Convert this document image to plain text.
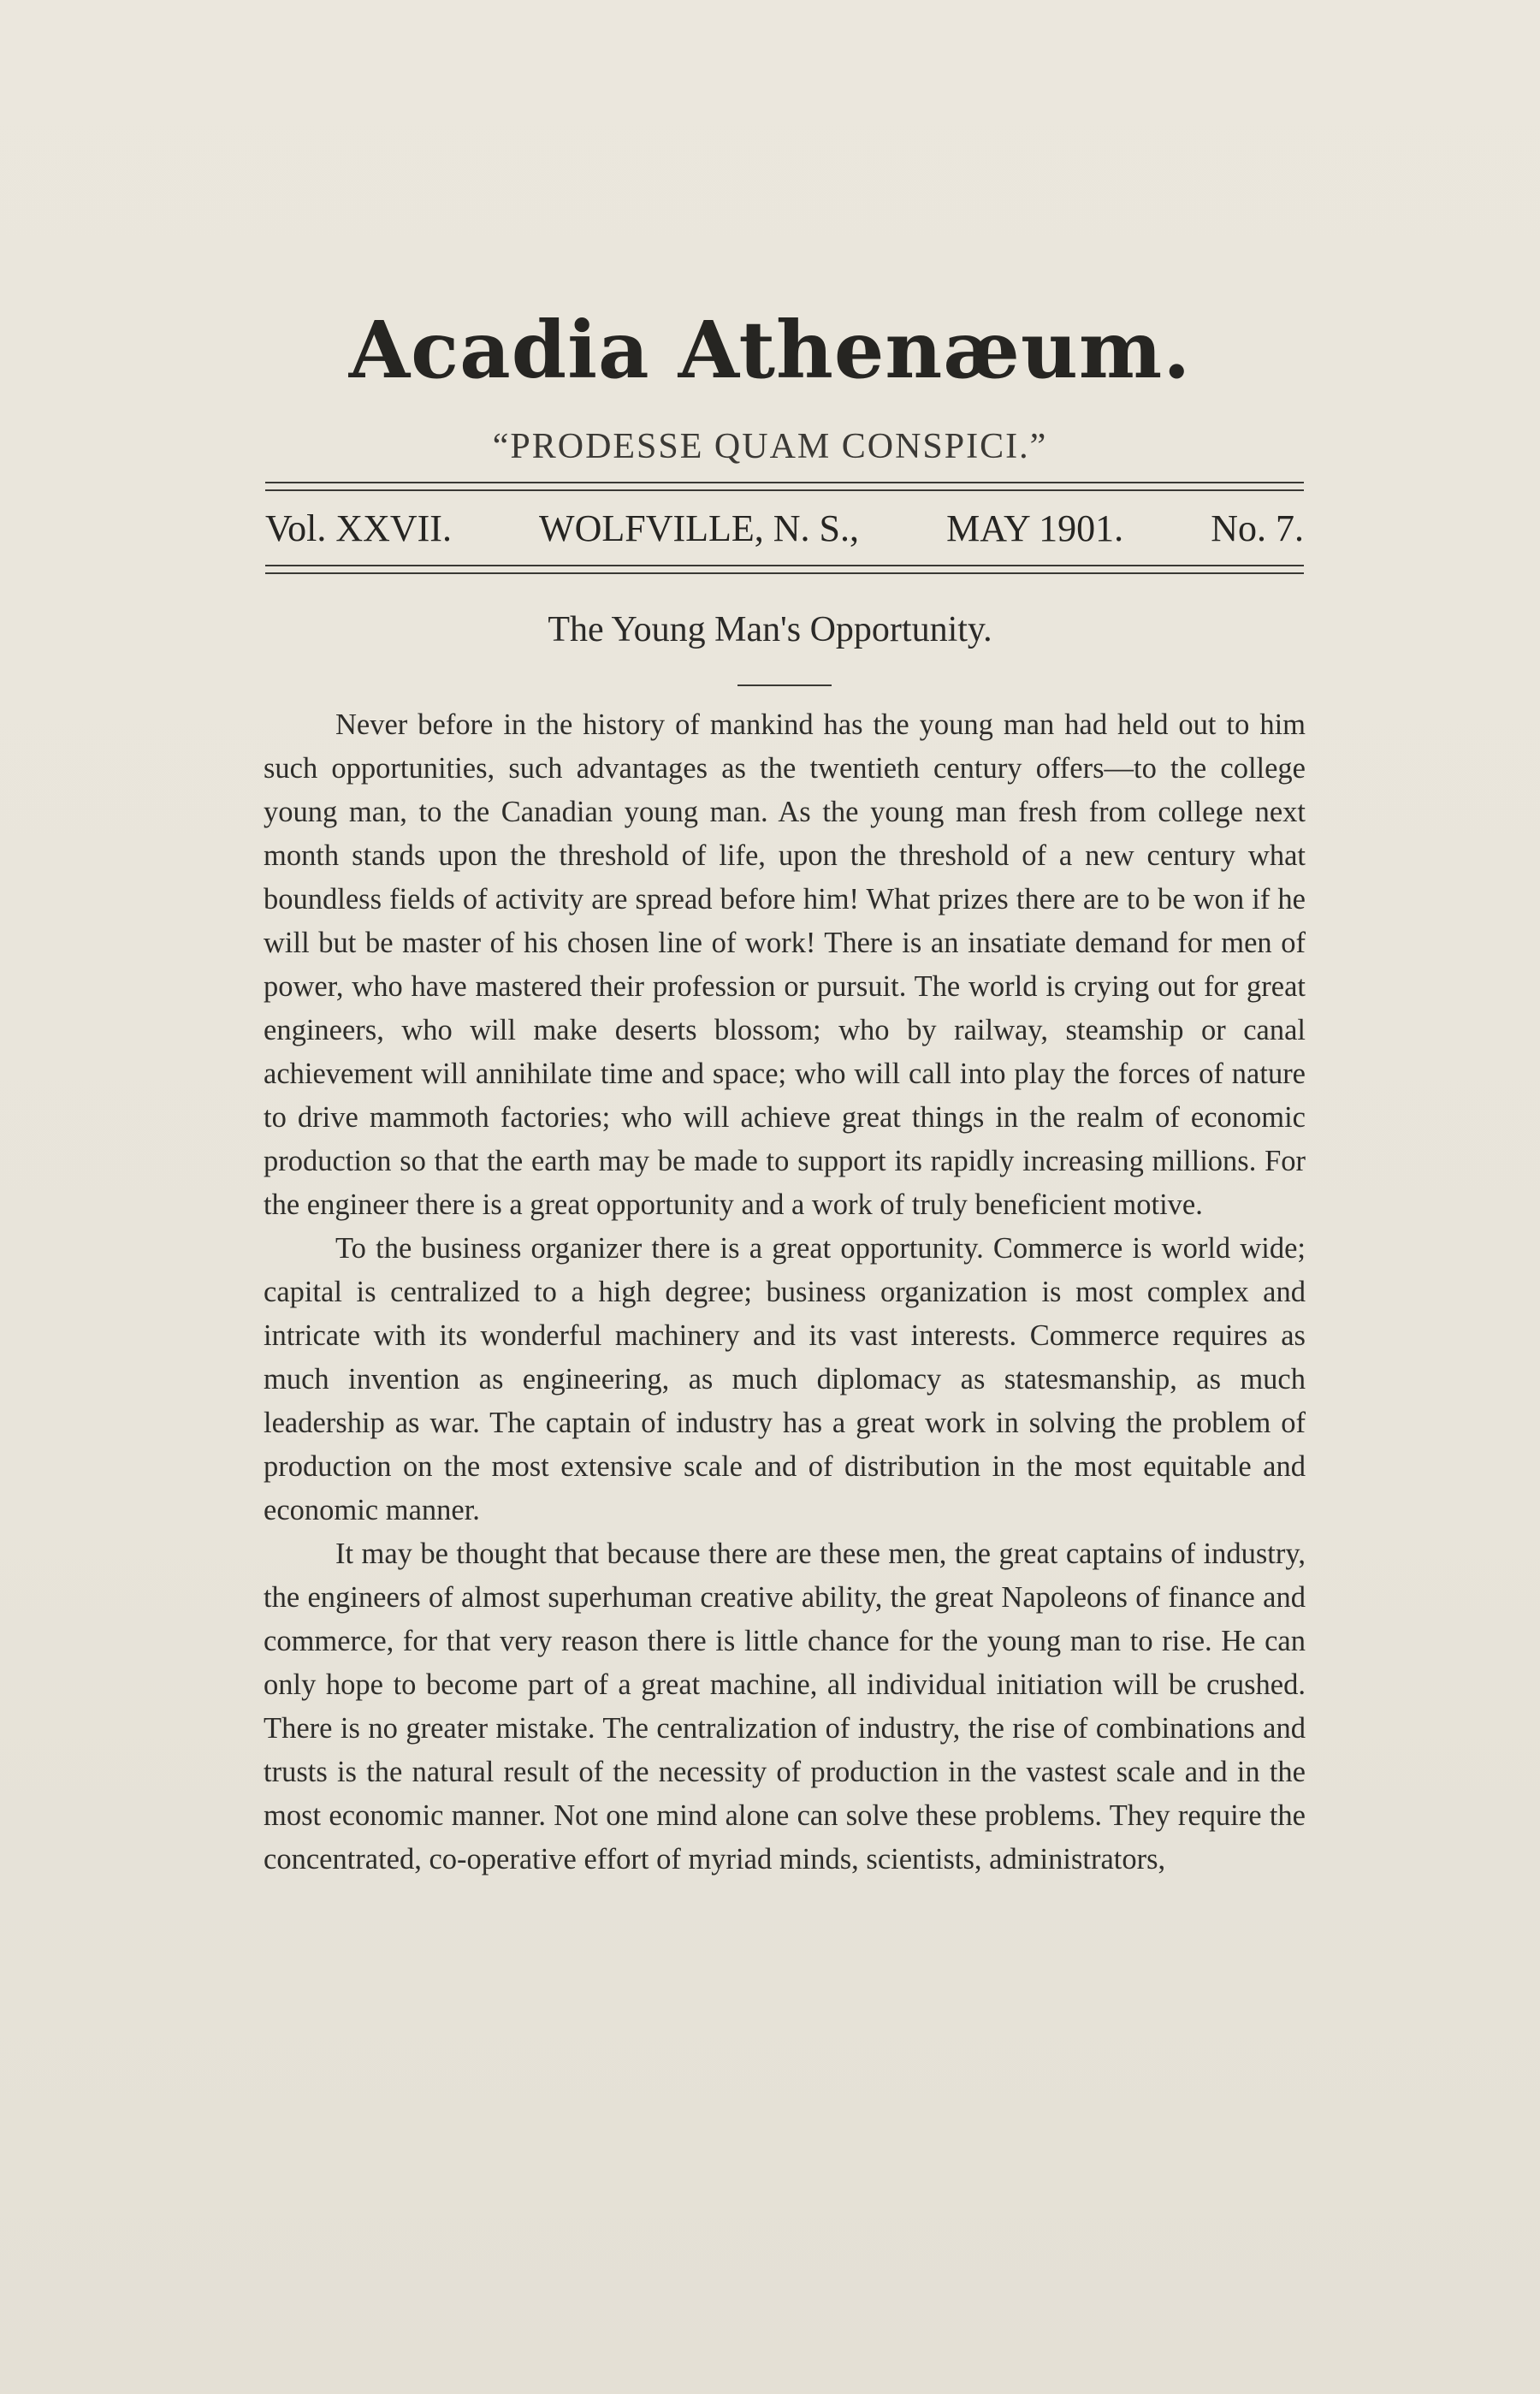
Acadia Athenæum.
“PRODESSE QUAM CONSPICI.”
Vol. XXVII. WOLFVILLE, N. S., MAY 1901. No. 7.
The Young Man's Opportunity.

Never before in the history of mankind has the young man had held out to him such opportunities, such advantages as the twentieth century offers—to the college young man, to the Canadian young man. As the young man fresh from college next month stands upon the threshold of life, upon the threshold of a new century what boundless fields of activity are spread before him! What prizes there are to be won if he will but be master of his chosen line of work! There is an insatiate demand for men of power, who have mastered their profession or pursuit. The world is crying out for great engineers, who will make deserts blossom; who by railway, steamship or canal achievement will annihilate time and space; who will call into play the forces of nature to drive mammoth factories; who will achieve great things in the realm of economic production so that the earth may be made to support its rapidly increasing millions. For the engineer there is a great opportunity and a work of truly beneficient motive.

To the business organizer there is a great opportunity. Commerce is world wide; capital is centralized to a high degree; business organization is most complex and intricate with its wonderful machinery and its vast interests. Commerce requires as much invention as engineering, as much diplomacy as statesmanship, as much leadership as war. The captain of industry has a great work in solving the problem of production on the most extensive scale and of distribution in the most equitable and economic manner.

It may be thought that because there are these men, the great captains of industry, the engineers of almost superhuman creative ability, the great Napoleons of finance and commerce, for that very reason there is little chance for the young man to rise. He can only hope to become part of a great machine, all individual initiation will be crushed. There is no greater mistake. The centralization of industry, the rise of combinations and trusts is the natural result of the necessity of production in the vastest scale and in the most economic manner. Not one mind alone can solve these problems. They require the concentrated, co-operative effort of myriad minds, scientists, administrators,
